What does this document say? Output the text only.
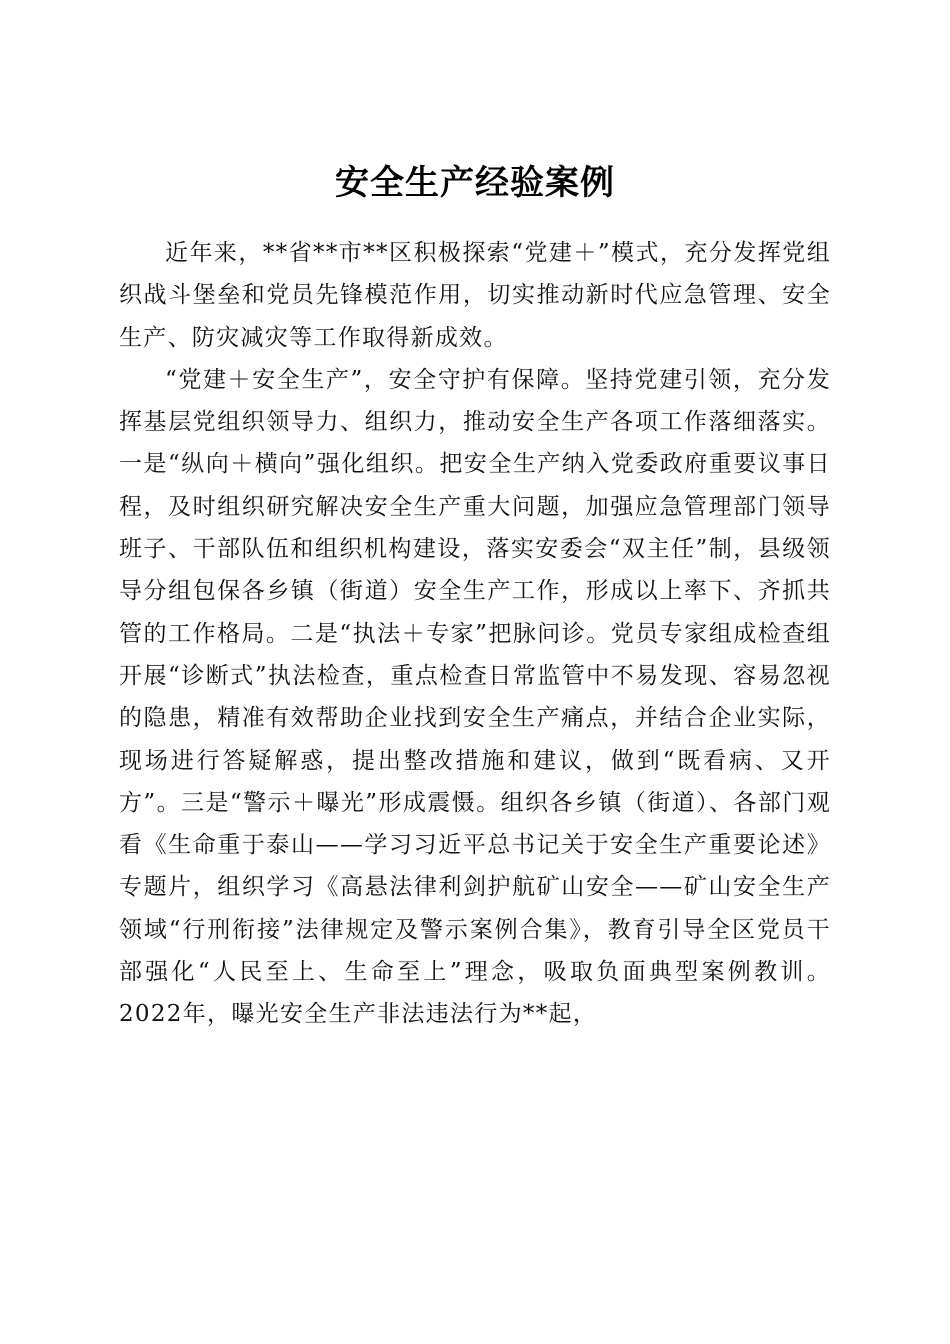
安全生产经验案例

近年来，**省**市**区积极探索“党建＋”模式，充分发挥党组织战斗堡垒和党员先锋模范作用，切实推动新时代应急管理、安全生产、防灾减灾等工作取得新成效。

“党建＋安全生产”，安全守护有保障。坚持党建引领，充分发挥基层党组织领导力、组织力，推动安全生产各项工作落细落实。一是“纵向＋横向”强化组织。把安全生产纳入党委政府重要议事日程，及时组织研究解决安全生产重大问题，加强应急管理部门领导班子、干部队伍和组织机构建设，落实安委会“双主任”制，县级领导分组包保各乡镇（街道）安全生产工作，形成以上率下、齐抓共管的工作格局。二是“执法＋专家”把脉问诊。党员专家组成检查组开展“诊断式”执法检查，重点检查日常监管中不易发现、容易忽视的隐患，精准有效帮助企业找到安全生产痛点，并结合企业实际，现场进行答疑解惑，提出整改措施和建议，做到“既看病、又开方”。三是“警示＋曝光”形成震慑。组织各乡镇（街道）、各部门观看《生命重于泰山——学习习近平总书记关于安全生产重要论述》专题片，组织学习《高悬法律利剑护航矿山安全——矿山安全生产领域“行刑衔接”法律规定及警示案例合集》，教育引导全区党员干部强化“人民至上、生命至上”理念，吸取负面典型案例教训。2022年，曝光安全生产非法违法行为**起，
